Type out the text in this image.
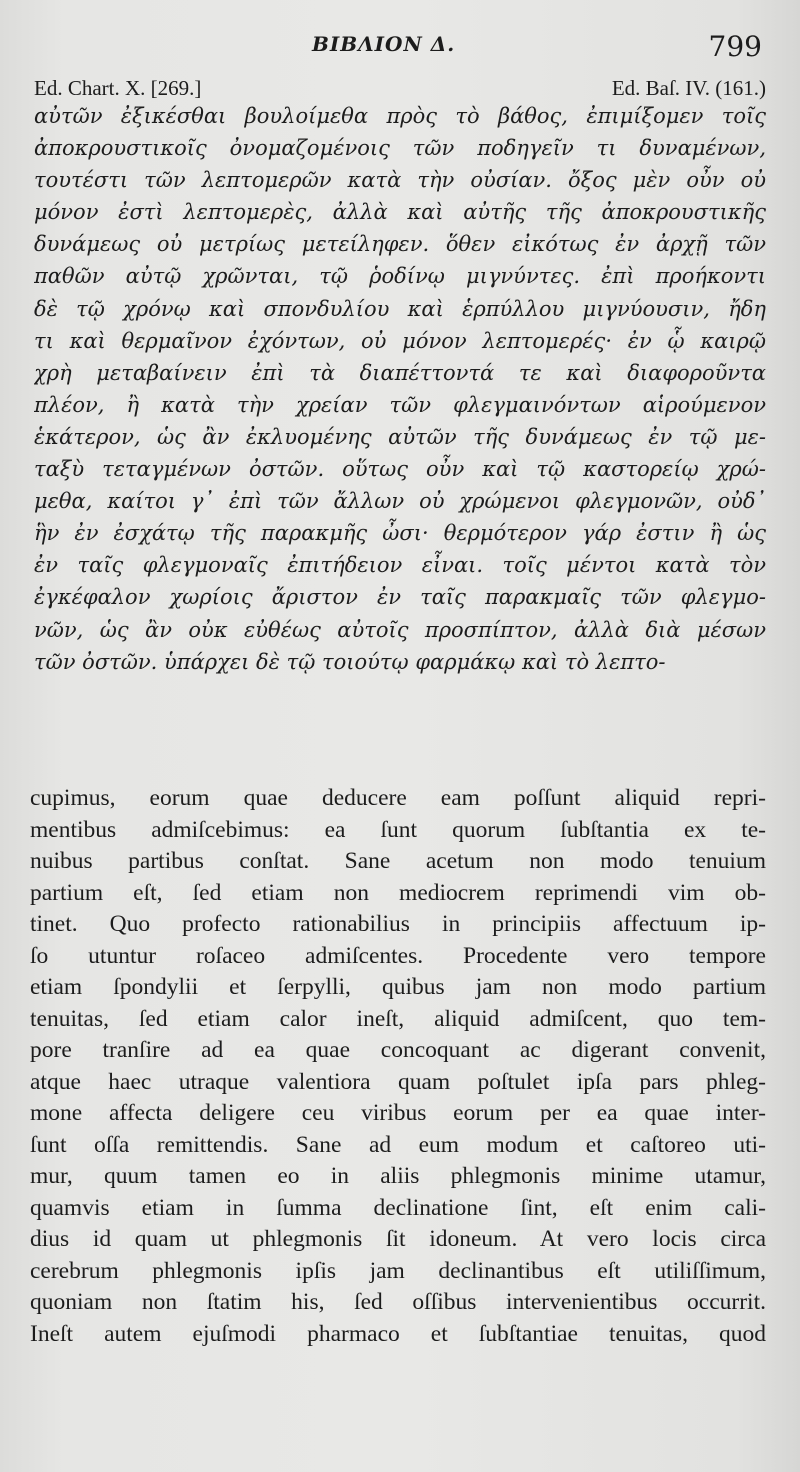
BIBΛΙΟΝ Δ.	799
Ed. Chart. X. [269.]	Ed. Baſ. IV. (161.)
αὐτῶν ἐξικέσθαι βουλοίμεθα πρὸς τὸ βάθος, ἐπιμίξομεν τοῖς
ἀποκρουστικοῖς ὀνομαζομένοις τῶν ποδηγεῖν τι δυναμένων,
τουτέστι τῶν λεπτομερῶν κατὰ τὴν οὐσίαν. ὄξος μὲν οὖν οὐ
μόνον ἐστὶ λεπτομερὲς, ἀλλὰ καὶ αὐτῆς τῆς ἀποκρουστικῆς
δυνάμεως οὐ μετρίως μετείληφεν. ὅθεν εἰκότως ἐν ἀρχῇ τῶν
παθῶν αὐτῷ χρῶνται, τῷ ῥοδίνῳ μιγνύντες. ἐπὶ προήκοντι
δὲ τῷ χρόνῳ καὶ σπονδυλίου καὶ ἑρπύλλου μιγνύουσιν, ἤδη
τι καὶ θερμαῖνον ἐχόντων, οὐ μόνον λεπτομερές· ἐν ᾧ καιρῷ
χρὴ μεταβαίνειν ἐπὶ τὰ διαπέττοντά τε καὶ διαφοροῦντα
πλέον, ἢ κατὰ τὴν χρείαν τῶν φλεγμαινόντων αἱρούμενον
ἑκάτερον, ὡς ἂν ἐκλυομένης αὐτῶν τῆς δυνάμεως ἐν τῷ με-
ταξὺ τεταγμένων ὀστῶν. οὕτως οὖν καὶ τῷ καστορείῳ χρώ-
μεθα, καίτοι γ᾽ ἐπὶ τῶν ἄλλων οὐ χρώμενοι φλεγμονῶν, οὐδ᾽
ἣν ἐν ἐσχάτῳ τῆς παρακμῆς ὦσι· θερμότερον γάρ ἐστιν ἢ ὡς
ἐν ταῖς φλεγμοναῖς ἐπιτήδειον εἶναι. τοῖς μέντοι κατὰ τὸν
ἐγκέφαλον χωρίοις ἄριστον ἐν ταῖς παρακμαῖς τῶν φλεγμο-
νῶν, ὡς ἂν οὐκ εὐθέως αὐτοῖς προσπίπτον, ἀλλὰ διὰ μέσων
τῶν ὀστῶν. ὑπάρχει δὲ τῷ τοιούτῳ φαρμάκῳ καὶ τὸ λεπτο-
cupimus, eorum quae deducere eam poſſunt aliquid repri-
mentibus admiſcebimus: ea ſunt quorum ſubſtantia ex te-
nuibus partibus conſtat. Sane acetum non modo tenuium
partium eſt, ſed etiam non mediocrem reprimendi vim ob-
tinet. Quo profecto rationabilius in principiis affectuum ip-
ſo utuntur roſaceo admiſcentes. Procedente vero tempore
etiam ſpondylii et ſerpylli, quibus jam non modo partium
tenuitas, ſed etiam calor ineſt, aliquid admiſcent, quo tem-
pore tranſire ad ea quae concoquant ac digerant convenit,
atque haec utraque valentiora quam poſtulet ipſa pars phleg-
mone affecta deligere ceu viribus eorum per ea quae inter-
ſunt oſſa remittendis. Sane ad eum modum et caſtoreo uti-
mur, quum tamen eo in aliis phlegmonis minime utamur,
quamvis etiam in ſumma declinatione ſint, eſt enim cali-
dius id quam ut phlegmonis ſit idoneum. At vero locis circa
cerebrum phlegmonis ipſis jam declinantibus eſt utiliſſimum,
quoniam non ſtatim his, ſed oſſibus intervenientibus occurrit.
Ineſt autem ejuſmodi pharmaco et ſubſtantiae tenuitas, quod
